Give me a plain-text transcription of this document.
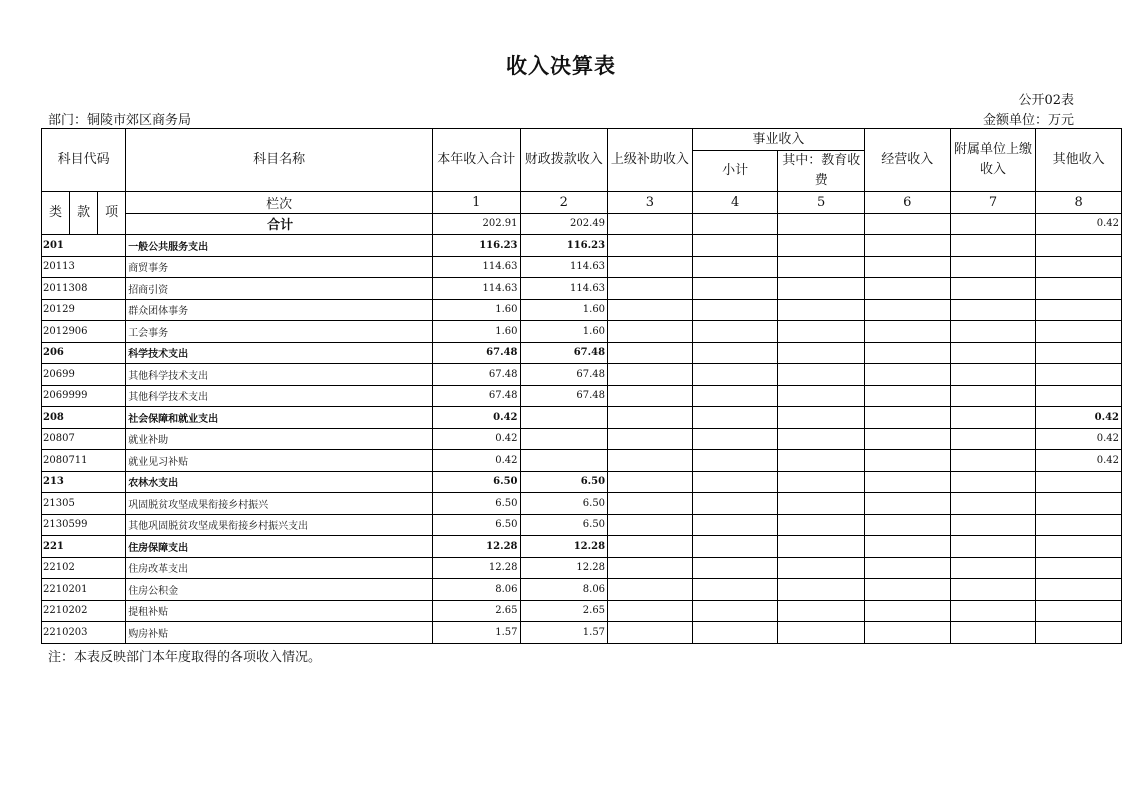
收入决算表
公开02表
部门：铜陵市郊区商务局	金额单位：万元
科目代码			科目名称	本年收入合计	财政拨款收入	上级补助收入	事业收入		经营收入	附属单位上缴收入	其他收入
							小计	其中：教育收费			
类	款	项	栏次	1	2	3	4	5	6	7	8
			合计	202.91	202.49						0.42
201			一般公共服务支出	116.23	116.23						
20113			商贸事务	114.63	114.63						
2011308			招商引资	114.63	114.63						
20129			群众团体事务	1.60	1.60						
2012906			工会事务	1.60	1.60						
206			科学技术支出	67.48	67.48						
20699			其他科学技术支出	67.48	67.48						
2069999			其他科学技术支出	67.48	67.48						
208			社会保障和就业支出	0.42							0.42
20807			就业补助	0.42							0.42
2080711			就业见习补贴	0.42							0.42
213			农林水支出	6.50	6.50						
21305			巩固脱贫攻坚成果衔接乡村振兴	6.50	6.50						
2130599			其他巩固脱贫攻坚成果衔接乡村振兴支出	6.50	6.50						
221			住房保障支出	12.28	12.28						
22102			住房改革支出	12.28	12.28						
2210201			住房公积金	8.06	8.06						
2210202			提租补贴	2.65	2.65						
2210203			购房补贴	1.57	1.57						
注：本表反映部门本年度取得的各项收入情况。
